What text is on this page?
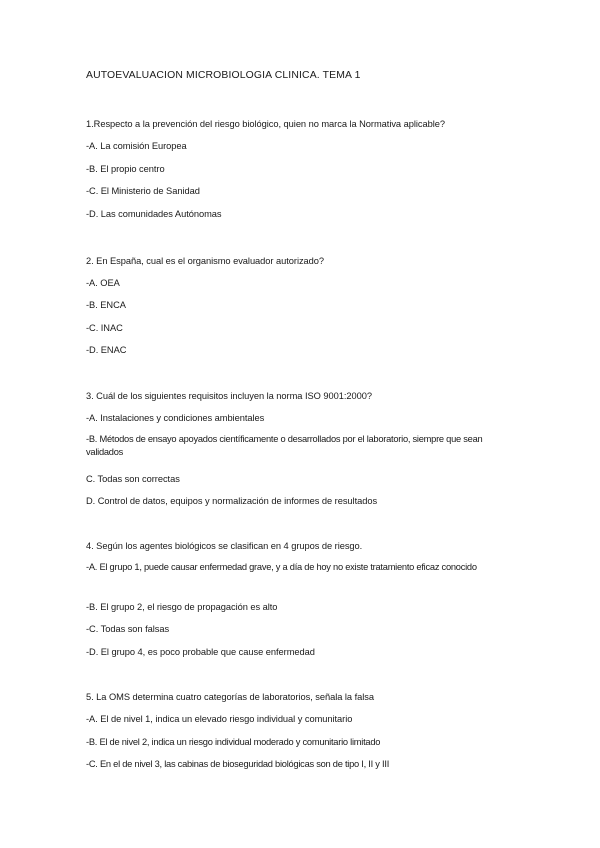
AUTOEVALUACION MICROBIOLOGIA CLINICA. TEMA 1
1.Respecto a la prevención del riesgo biológico, quien no marca la Normativa aplicable?
-A. La comisión Europea
-B. El propio centro
-C. El Ministerio de Sanidad
-D. Las comunidades Autónomas
2. En España, cual es el organismo evaluador autorizado?
-A. OEA
-B. ENCA
-C. INAC
-D. ENAC
3. Cuál de los siguientes requisitos incluyen la norma ISO 9001:2000?
-A. Instalaciones y condiciones ambientales
-B. Métodos de ensayo apoyados científicamente o desarrollados por el laboratorio, siempre que sean validados
C. Todas son correctas
D. Control de datos, equipos y normalización de informes de resultados
4. Según los agentes biológicos se clasifican en 4 grupos de riesgo.
-A. El grupo 1, puede causar enfermedad grave, y a día de hoy no existe tratamiento eficaz conocido
-B. El grupo 2, el riesgo de propagación es alto
-C. Todas son falsas
-D. El grupo 4, es poco probable que cause enfermedad
5. La OMS determina cuatro categorías de laboratorios, señala la falsa
-A. El de nivel 1, indica un elevado riesgo individual y comunitario
-B. El de nivel 2, indica un riesgo individual moderado y comunitario limitado
-C. En el de nivel 3, las cabinas de bioseguridad biológicas son de tipo I, II y III
